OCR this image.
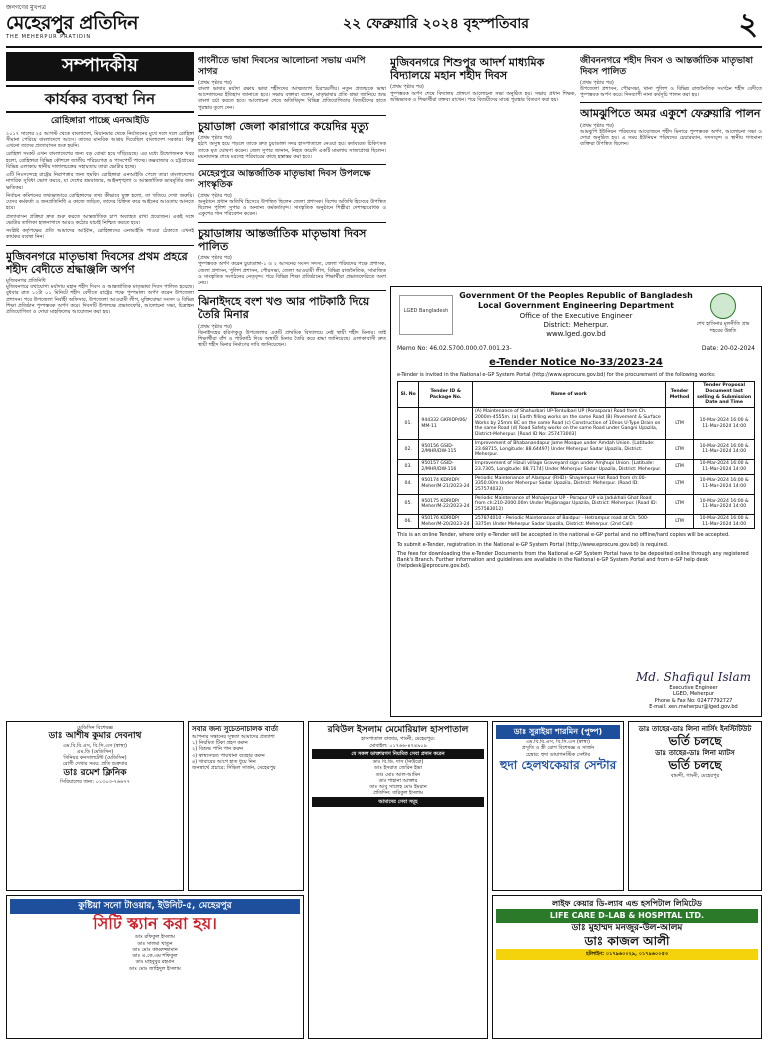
জনগণের মুখপত্র
মেহেরপুর প্রতিদিন
THE MEHERPUR PRATIDIN
২২ ফেব্রুয়ারি ২০২৪ বৃহস্পতিবার	২
সম্পাদকীয়
কার্যকর ব্যবস্থা নিন
রোহিঙ্গারা পাচ্ছে এনআইডি

২০১৭ সালের ২৫ আগস্ট থেকে বাংলাদেশ, মিয়ানমার থেকে নির্যাতনের মুখে দলে দলে রোহিঙ্গা সীমানা পেরিয়ে বাংলাদেশে আসে। তাদের মানবিক আশ্রয় দিয়েছিল বাংলাদেশ সরকার। কিন্তু এখনো তাদের প্রত্যাবাসন শুরু হয়নি।

রোহিঙ্গা সংকট এখন বাংলাদেশের জন্য বড় বোঝা হয়ে দাঁড়িয়েছে। এর মধ্যে উদ্বেগজনক খবর হলো, রোহিঙ্গারা বিভিন্ন কৌশলে জাতীয় পরিচয়পত্র ও পাসপোর্ট পাচ্ছে। কক্সবাজার ও চট্টগ্রামের বিভিন্ন এলাকায় স্থানীয় দালালচক্রের সহায়তায় তারা ভোটার হচ্ছে।

এটি নিঃসন্দেহে রাষ্ট্রের নিরাপত্তার জন্য হুমকি। রোহিঙ্গারা এনআইডি পেলে তারা বাংলাদেশের নাগরিক সুবিধা ভোগ করবে, যা দেশের শ্রমবাজার, আইনশৃঙ্খলা ও আন্তর্জাতিক ভাবমূর্তির জন্য ক্ষতিকর।

নির্বাচন কমিশনের তথ্যভান্ডারে রোহিঙ্গাদের তথ্য কীভাবে যুক্ত হলো, তা খতিয়ে দেখা জরুরি। যেসব কর্মকর্তা ও জনপ্রতিনিধি এ কাজে জড়িত, তাদের চিহ্নিত করে আইনের আওতায় আনতে হবে।

প্রত্যাবাসন প্রক্রিয়া দ্রুত শুরু করতে আন্তর্জাতিক চাপ অব্যাহত রাখা প্রয়োজন। একই সঙ্গে ভোটার তালিকা হালনাগাদে আরও কঠোর যাচাই নিশ্চিত করতে হবে।

সংশ্লিষ্ট কর্তৃপক্ষের প্রতি আমাদের আহ্বান, রোহিঙ্গাদের এনআইডি পাওয়া ঠেকাতে এখনই কার্যকর ব্যবস্থা নিন।

মুজিবনগরে মাতৃভাষা দিবসের প্রথম প্রহরে শহীদ বেদীতে শ্রদ্ধাঞ্জলি অর্পণ
মুজিবনগর প্রতিনিধি

মুজিবনগরে যথাযোগ্য মর্যাদায় মহান শহীদ দিবস ও আন্তর্জাতিক মাতৃভাষা দিবস পালিত হয়েছে। বুধবার রাত ১২টা ০১ মিনিটে শহীদ বেদীতে রাষ্ট্রের পক্ষে পুষ্পমাল্য অর্পণ করেন উপজেলা প্রশাসন। পরে উপজেলা নির্বাহী অফিসার, উপজেলা আওয়ামী লীগ, মুক্তিযোদ্ধা সংসদ ও বিভিন্ন শিক্ষা প্রতিষ্ঠান পুষ্পস্তবক অর্পণ করে। দিবসটি উপলক্ষে প্রভাতফেরি, আলোচনা সভা, চিত্রাঙ্কন প্রতিযোগিতা ও দোয়া মাহফিলের আয়োজন করা হয়।

গাংনীতে ভাষা দিবসের আলোচনা সভায় এমপি সাগর
(প্রথম পৃষ্ঠার পর)

বাংলা ভাষার মর্যাদা রক্ষায় ভাষা শহীদদের আত্মত্যাগ চিরস্মরণীয়। নতুন প্রজন্মকে ভাষা আন্দোলনের ইতিহাস জানাতে হবে। সভায় বক্তারা বলেন, মাতৃভাষার প্রতি শ্রদ্ধা জানিয়ে শুদ্ধ বাংলা চর্চা করতে হবে। আলোচনা শেষে অতিথিবৃন্দ বিভিন্ন প্রতিযোগিতায় বিজয়ীদের হাতে পুরস্কার তুলে দেন।

চুয়াডাঙ্গা জেলা কারাগারে কয়েদির মৃত্যু
(প্রথম পৃষ্ঠার পর)

হঠাৎ অসুস্থ হয়ে পড়লে তাকে দ্রুত চুয়াডাঙ্গা সদর হাসপাতালে নেওয়া হয়। কর্তব্যরত চিকিৎসক তাকে মৃত ঘোষণা করেন। জেল সুপার জানান, নিহত কয়েদি একটি মামলায় সাজাপ্রাপ্ত ছিলেন। ময়নাতদন্ত শেষে মরদেহ পরিবারের কাছে হস্তান্তর করা হবে।

মেহেরপুরে আন্তর্জাতিক মাতৃভাষা দিবস উপলক্ষে সাংস্কৃতিক
(প্রথম পৃষ্ঠার পর)

অনুষ্ঠানে প্রধান অতিথি হিসেবে উপস্থিত ছিলেন জেলা প্রশাসক। বিশেষ অতিথি হিসেবে উপস্থিত ছিলেন পুলিশ সুপার ও অন্যান্য কর্মকর্তাবৃন্দ। সাংস্কৃতিক অনুষ্ঠানে শিল্পীরা দেশাত্মবোধক ও একুশের গান পরিবেশন করেন।

চুয়াডাঙ্গায় আন্তর্জাতিক মাতৃভাষা দিবস পালিত
(প্রথম পৃষ্ঠার পর)

পুষ্পস্তবক অর্পণ করেন চুয়াডাঙ্গা-১ ও ২ আসনের সংসদ সদস্য, জেলা পরিষদের পক্ষে প্রশাসক, জেলা প্রশাসন, পুলিশ প্রশাসন, পৌরসভা, জেলা আওয়ামী লীগ, বিভিন্ন রাজনৈতিক, সামাজিক ও সাংস্কৃতিক সংগঠনের নেতৃবৃন্দ। পরে বিভিন্ন শিক্ষা প্রতিষ্ঠানের শিক্ষার্থীরা প্রভাতফেরিতে অংশ নেয়।

ঝিনাইদহে বংশ খণ্ড আর পাটকাঠি দিয়ে তৈরি মিনার
(প্রথম পৃষ্ঠার পর)

ঝিনাইদহের হরিণাকুণ্ডু উপজেলার একটি প্রাথমিক বিদ্যালয়ে নেই স্থায়ী শহীদ মিনার। তাই শিক্ষার্থীরা বাঁশ ও পাটকাঠি দিয়ে অস্থায়ী মিনার তৈরি করে শ্রদ্ধা জানিয়েছে। এলাকাবাসী দ্রুত স্থায়ী শহীদ মিনার নির্মাণের দাবি জানিয়েছেন।

মুজিবনগরে শিশুপুর আদর্শ মাধ্যমিক বিদ্যালয়ে মহান শহীদ দিবস
(প্রথম পৃষ্ঠার পর)

পুষ্পস্তবক অর্পণ শেষে বিদ্যালয় প্রাঙ্গণে আলোচনা সভা অনুষ্ঠিত হয়। সভায় প্রধান শিক্ষক, অভিভাবক ও শিক্ষার্থীরা বক্তব্য রাখেন। পরে বিজয়ীদের মাঝে পুরস্কার বিতরণ করা হয়।

জীবননগরে শহীদ দিবস ও আন্তর্জাতিক মাতৃভাষা দিবস পালিত
(প্রথম পৃষ্ঠার পর)

উপজেলা প্রশাসন, পৌরসভা, থানা পুলিশ ও বিভিন্ন রাজনৈতিক সংগঠন শহীদ বেদীতে পুষ্পস্তবক অর্পণ করে। দিনব্যাপী নানা কর্মসূচি পালন করা হয়।

আমঝুপিতে অমর একুশে ফেব্রুয়ারি পালন
(প্রথম পৃষ্ঠার পর)

আমঝুপি ইউনিয়ন পরিষদের আয়োজনে শহীদ মিনারে পুষ্পস্তবক অর্পণ, আলোচনা সভা ও দোয়া অনুষ্ঠিত হয়। এ সময় ইউনিয়ন পরিষদের চেয়ারম্যান, সদস্যবৃন্দ ও স্থানীয় গণ্যমান্য ব্যক্তিরা উপস্থিত ছিলেন।

LGED Bangladesh
Government Of the Peoples Republic of Bangladesh
Local Government Engineering Department
Office of the Executive Engineer
District: Meherpur.
www.lged.gov.bd
শেখ হাসিনার মূলনীতি গ্রাম শহরের উন্নতি
Memo No: 46.02.5700.000.07.001.23-	Date: 20-02-2024
e-Tender Notice No-33/2023-24
e-Tender is invited in the National e-GP System Portal (http://www.eprocure.gov.bd) for the procurement of the following works:
Sl. No	Tender ID & Package No.	Name of work	Tender Method	Tender Proposal Document last selling & Submission Date and Time
01.	944332 GKRIDP/06/ MM-11	(A) Maintenance of Shahurbari UP-Tentulbari UP (Poraspara) Road from Ch. 2000m-4555m. (a) Earth filling works on the same Road (B) Pavement & Surface Works by 25mm BC on the same Road (c) Construction of 10nos U-Type Drain on the same Road (d) Road Safety works on the same Road under Gangni Upazila, District-Meherpur. [Road ID No: 257473003]	LTM	10-Mar-2024 16:00 & 11-Mar-2024 14:00
02.	950156 GSID-2/MHR/DW-115	Improvement of Bhabanandapur Jame Mosque under Amdah Union. [Latitude: 23.68715, Longitude: 88.64497] Under Meherpur Sadar Upazila, District: Meherpur.	LTM	10-Mar-2024 16:00 & 11-Mar-2024 14:00
03.	950157 GSID-2/MHR/DW-116	Improvement of Hizuli village Graveyard sign under Amjhupi Union. [Latitude: 23.7305, Longitude: 88.7174] Under Meherpur Sadar Upazila, District: Meherpur.	LTM	10-Mar-2024 16:00 & 11-Mar-2024 14:00
04.	950174 KDRIDP/ Meher/M-21/2023-24	Periodic Maintenance of Alampur (RHD)- Shayempur Hat Road from ch:00-3350.00m Under Meherpur Sadar Upazila, District: Meherpur. (Road ID: 257574032)	LTM	10-Mar-2024 16:00 & 11-Mar-2024 14:00
05.	950175 KDRIDP/ Meher/M-22/2023-24	Periodic Maintenance of Mohajerpur UP - Porapur UP via Jadukhali Ghat Road from ch:210-2000.00m Under Mujibnagar Upazila, District: Meherpur. (Road ID: 257583012)	LTM	10-Mar-2024 16:00 & 11-Mar-2024 14:00
06.	950176 KDRIDP/ Meher/M-20/2023-24	257874010 - Periodic Maintenance of Baidpur - Hetrampur road at Ch. 500-3375m Under Meherpur Sadar Upazila, District: Meherpur. (2nd Call)	LTM	10-Mar-2024 16:00 & 11-Mar-2024 14:00

This is an online Tender, where only e-Tender will be accepted in the national e-GP portal and no offline/hard copies will be accepted.

To submit e-Tender, registration in the National e-GP System Portal (http://www.eprocure.gov.bd) is required.

The fees for downloading the e-Tender Documents from the National e-GP System Portal have to be deposited online through any registered Bank's Branch. Further information and guidelines are available in the National e-GP System Portal and from e-GP help desk (helpdesk@eprocure.gov.bd).

Md. Shafiqul Islam
Executive Engineer
LGED, Meherpur
Phone & Fax No: 02477792727
E-mail: xen.meherpur@lged.gov.bd
মেডিসিন বিশেষজ্ঞ
ডাঃ আশীষ কুমার দেবনাথ
এম.বি.বি.এস, বি.সি.এস (স্বাস্থ্য)
এম.ডি (মেডিসিন)
সিনিয়র কনসালটেন্ট (মেডিসিন)
রোগী দেখার সময়: প্রতি শুক্রবার
ডাঃ রমেশ ক্লিনিক
সিরিয়ালের জন্য: ০১৩০৩-৭৬৬৭৭
সবার জন্য সুচেতনাচালক বার্তা
আপনার সন্তানের সুস্থতা আমাদের প্রত্যাশা
১) নিয়মিত টিকা গ্রহণ করুন
২) বিশুদ্ধ পানি পান করুন
৩) স্বাস্থ্যসম্মত পায়খানা ব্যবহার করুন
৪) খাবারের আগে হাত ধুয়ে নিন
জনস্বার্থে প্রচারে: সিভিল সার্জন, মেহেরপুর
রবিউল ইসলাম মেমোরিয়াল হাসপাতাল
হাসপাতাল বাজার, গাংনী, মেহেরপুর।
মোবাইল: ০১৭৬৬-৪৭৪৯০৯
যে সকল ডাক্তারগণ নিয়মিত সেবা প্রদান করেন
ডাঃ বি.ডি. দাস (নিউরো)
ডাঃ ইসরাত জেরিন ইভা
ডাঃ মোঃ আল-আমিন
ডাঃ শাহানা আক্তার
ডাঃ আবু সালেহ মোঃ ইমরান
প্রতিদিন: তরিকুল ইসলাম
আমাদের সেবা সমূহ
ডাঃ সুরাইয়া শারমিন (পুষ্প)
এম.বি.বি.এস, বি.সি.এস (স্বাস্থ্য)
প্রসূতি ও স্ত্রী রোগ বিশেষজ্ঞ ও সার্জন
চেম্বার: হুদা ডায়াগনস্টিক সেন্টার
হুদা হেলথকেয়ার সেন্টার
ডাঃ তাহের-ডাঃ লিনা নার্সিং ইনস্টিটিউট
ভর্তি চলছে
ডাঃ তাহের-ডাঃ লিনা ম্যাটস
ভর্তি চলছে
বামন্দী, গাংনী, মেহেরপুর
কুষ্টিয়া সনো টাওয়ার, ইউনিট-৫, মেহেরপুর
সিটি স্ক্যান করা হয়।
ডাঃ রফিকুল ইসলাম
ডাঃ সালমা খাতুন
ডাঃ মোঃ কামরুজ্জামান
ডাঃ এ.কে.এম শফিকুল
ডাঃ মাহবুবুর রহমান
ডাঃ মোঃ জাহিদুল ইসলাম
লাইফ কেয়ার ডি-ল্যাব এন্ড হসপিটাল লিমিটেড
LIFE CARE D-LAB & HOSPITAL LTD.
ডাঃ মুহাম্মদ মনজুর-উল-আলম
ডাঃ কাজল আলী
হটলাইন: ০১৭৯৬০০২৯, ০১৭৯৬০০৫৩
